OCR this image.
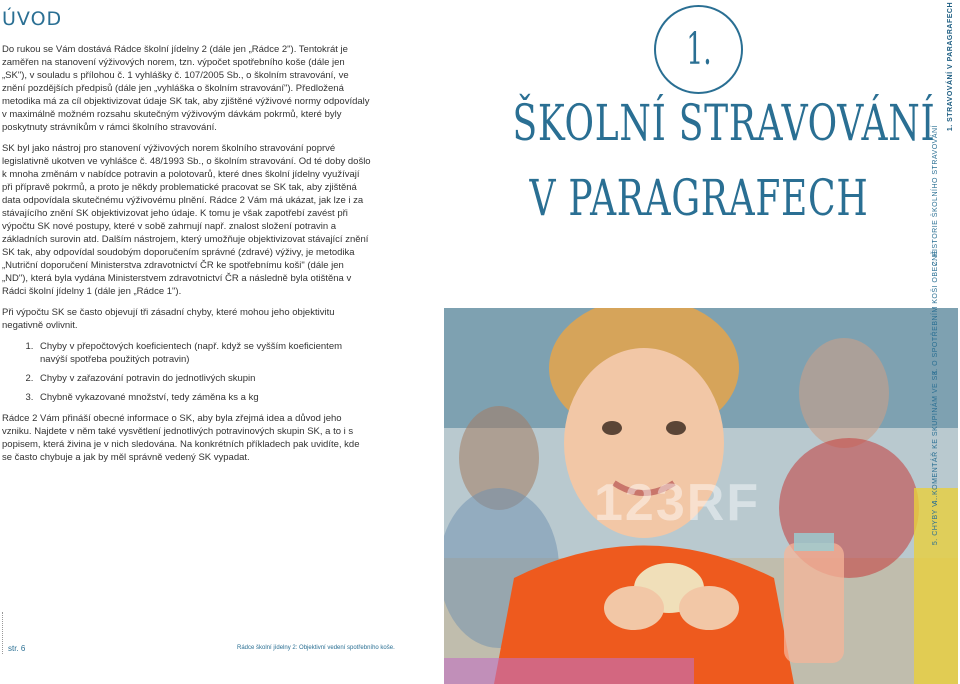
ÚVOD

Do rukou se Vám dostává Rádce školní jídelny 2 (dále jen „Rádce 2"). Tentokrát je zaměřen na stanovení výživových norem, tzn. výpočet spotřebního koše (dále jen „SK"), v souladu s přílohou č. 1 vyhlášky č. 107/2005 Sb., o školním stravování, ve znění pozdějších předpisů (dále jen „vyhláška o školním stravování"). Předložená metodika má za cíl objektivizovat údaje SK tak, aby zjištěné výživové normy odpovídaly v maximálně možném rozsahu skutečným výživovým dávkám pokrmů, které byly poskytnuty strávníkům v rámci školního stravování.

SK byl jako nástroj pro stanovení výživových norem školního stravování poprvé legislativně ukotven ve vyhlášce č. 48/1993 Sb., o školním stravování. Od té doby došlo k mnoha změnám v nabídce potravin a polotovarů, které dnes školní jídelny využívají při přípravě pokrmů, a proto je někdy problematické pracovat se SK tak, aby zjištěná data odpovídala skutečnému výživovému plnění. Rádce 2 Vám má ukázat, jak lze i za stávajícího znění SK objektivizovat jeho údaje. K tomu je však zapotřebí zavést při výpočtu SK nové postupy, které v sobě zahrnují např. znalost složení potravin a základních surovin atd. Dalším nástrojem, který umožňuje objektivizovat stávající znění SK tak, aby odpovídal soudobým doporučením správné (zdravé) výživy, je metodika „Nutriční doporučení Ministerstva zdravotnictví ČR ke spotřebnímu koši" (dále jen „ND"), která byla vydána Ministerstvem zdravotnictví ČR a následně byla otištěna v Rádci školní jídelny 1 (dále jen „Rádce 1").

Při výpočtu SK se často objevují tři zásadní chyby, které mohou jeho objektivitu negativně ovlivnit.

1. Chyby v přepočtových koeficientech (např. když se vyšším koeficientem navýší spotřeba použitých potravin)
2. Chyby v zařazování potravin do jednotlivých skupin
3. Chybně vykazované množství, tedy záměna ks a kg

Rádce 2 Vám přináší obecné informace o SK, aby byla zřejmá idea a důvod jeho vzniku. Najdete v něm také vysvětlení jednotlivých potravinových skupin SK, a to i s popisem, která živina je v nich sledována. Na konkrétních příkladech pak uvidíte, kde se často chybuje a jak by měl správně vedený SK vypadat.

str. 6	Rádce školní jídelny 2: Objektivní vedení spotřebního koše.
1.
ŠKOLNÍ STRAVOVÁNÍ
V PARAGRAFECH
123RF
1. STRAVOVÁNÍ V PARAGRAFECH
2. HISTORIE ŠKOLNÍHO STRAVOVÁNÍ
3. O SPOTŘEBNÍM KOŠI OBECNĚ
4. KOMENTÁŘ KE SKUPINÁM VE SK
5. CHYBY V...
